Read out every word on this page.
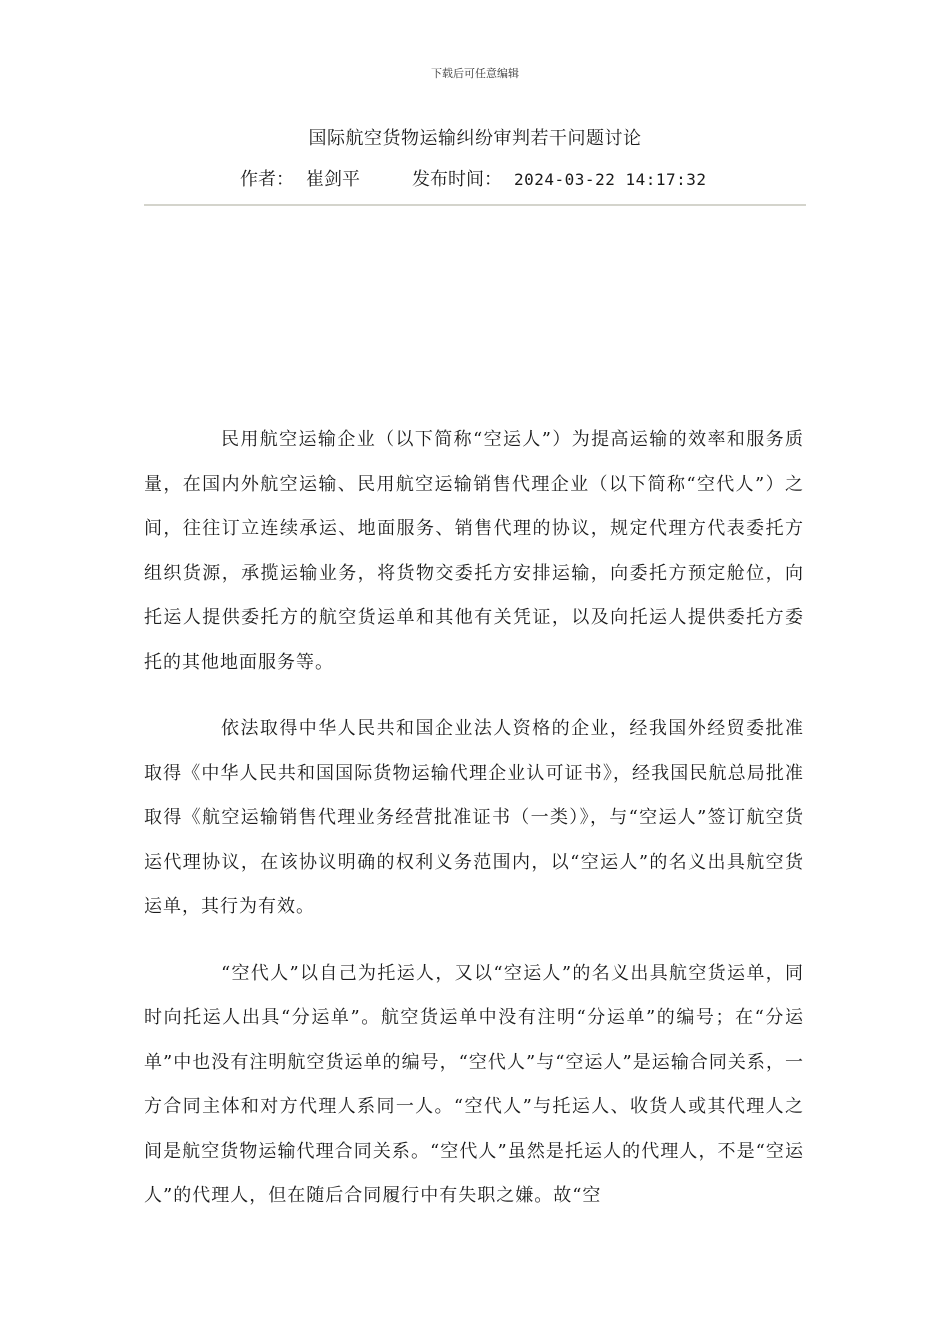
下载后可任意编辑
国际航空货物运输纠纷审判若干问题讨论
作者： 崔剑平	发布时间： 2024-03-22 14:17:32

民用航空运输企业（以下简称“空运人”）为提高运输的效率和服务质量，在国内外航空运输、民用航空运输销售代理企业（以下简称“空代人”）之间，往往订立连续承运、地面服务、销售代理的协议，规定代理方代表委托方组织货源，承揽运输业务，将货物交委托方安排运输，向委托方预定舱位，向托运人提供委托方的航空货运单和其他有关凭证，以及向托运人提供委托方委托的其他地面服务等。

依法取得中华人民共和国企业法人资格的企业，经我国外经贸委批准取得《中华人民共和国国际货物运输代理企业认可证书》，经我国民航总局批准取得《航空运输销售代理业务经营批准证书（一类）》，与“空运人”签订航空货运代理协议，在该协议明确的权利义务范围内，以“空运人”的名义出具航空货运单，其行为有效。

“空代人”以自己为托运人，又以“空运人”的名义出具航空货运单，同时向托运人出具“分运单”。航空货运单中没有注明“分运单”的编号；在“分运单”中也没有注明航空货运单的编号，“空代人”与“空运人”是运输合同关系，一方合同主体和对方代理人系同一人。“空代人”与托运人、收货人或其代理人之间是航空货物运输代理合同关系。“空代人”虽然是托运人的代理人，不是“空运人”的代理人，但在随后合同履行中有失职之嫌。故“空
